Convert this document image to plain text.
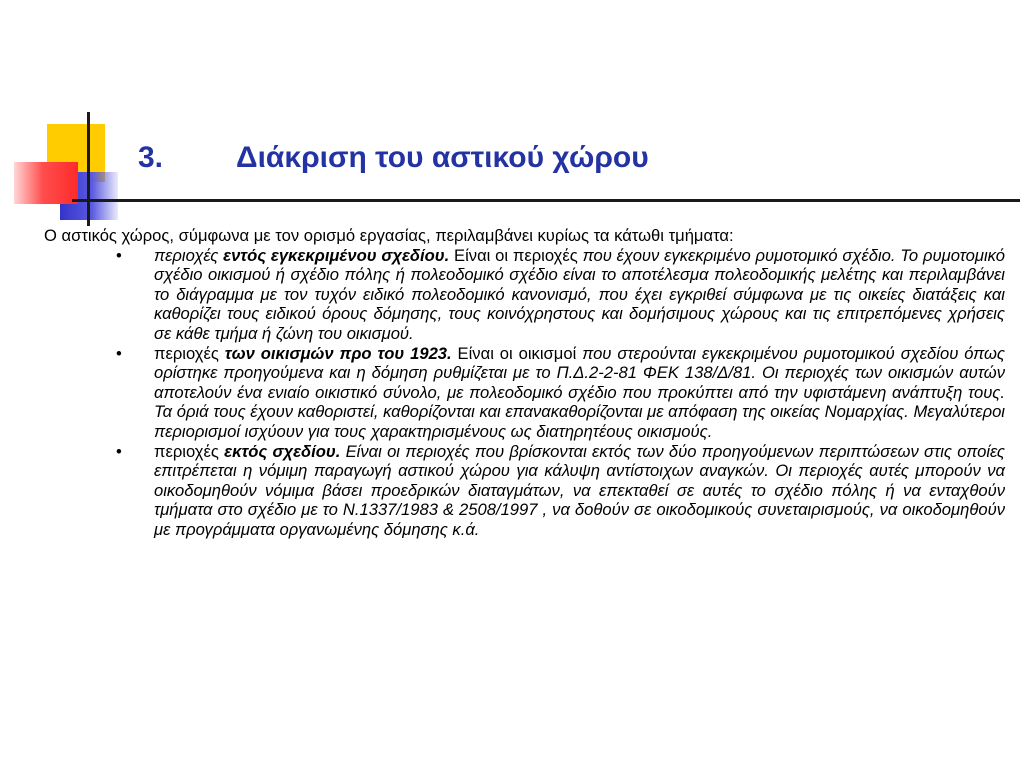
3. Διάκριση του αστικού χώρου
Ο αστικός χώρος, σύμφωνα με τον ορισμό εργασίας, περιλαμβάνει κυρίως τα κάτωθι τμήματα:
• περιοχές εντός εγκεκριμένου σχεδίου. Είναι οι περιοχές που έχουν εγκεκριμένο ρυμοτομικό σχέδιο. Το ρυμοτομικό σχέδιο οικισμού ή σχέδιο πόλης ή πολεοδομικό σχέδιο είναι το αποτέλεσμα πολεοδομικής μελέτης και περιλαμβάνει το διάγραμμα με τον τυχόν ειδικό πολεοδομικό κανονισμό, που έχει εγκριθεί σύμφωνα με τις οικείες διατάξεις και καθορίζει τους ειδικού όρους δόμησης, τους κοινόχρηστους και δομήσιμους χώρους και τις επιτρεπόμενες χρήσεις σε κάθε τμήμα ή ζώνη του οικισμού.
• περιοχές των οικισμών προ του 1923. Είναι οι οικισμοί που στερούνται εγκεκριμένου ρυμοτομικού σχεδίου όπως ορίστηκε προηγούμενα και η δόμηση ρυθμίζεται με το Π.Δ.2-2-81 ΦΕΚ 138/Δ/81. Οι περιοχές των οικισμών αυτών αποτελούν ένα ενιαίο οικιστικό σύνολο, με πολεοδομικό σχέδιο που προκύπτει από την υφιστάμενη ανάπτυξη τους. Τα όριά τους έχουν καθοριστεί, καθορίζονται και επανακαθορίζονται με απόφαση της οικείας Νομαρχίας. Μεγαλύτεροι περιορισμοί ισχύουν για τους χαρακτηρισμένους ως διατηρητέους οικισμούς.
• περιοχές εκτός σχεδίου. Είναι οι περιοχές που βρίσκονται εκτός των δύο προηγούμενων περιπτώσεων στις οποίες επιτρέπεται η νόμιμη παραγωγή αστικού χώρου για κάλυψη αντίστοιχων αναγκών. Οι περιοχές αυτές μπορούν να οικοδομηθούν νόμιμα βάσει προεδρικών διαταγμάτων, να επεκταθεί σε αυτές το σχέδιο πόλης ή να ενταχθούν τμήματα στο σχέδιο με το Ν.1337/1983 & 2508/1997 , να δοθούν σε οικοδομικούς συνεταιρισμούς, να οικοδομηθούν με προγράμματα οργανωμένης δόμησης κ.ά.
